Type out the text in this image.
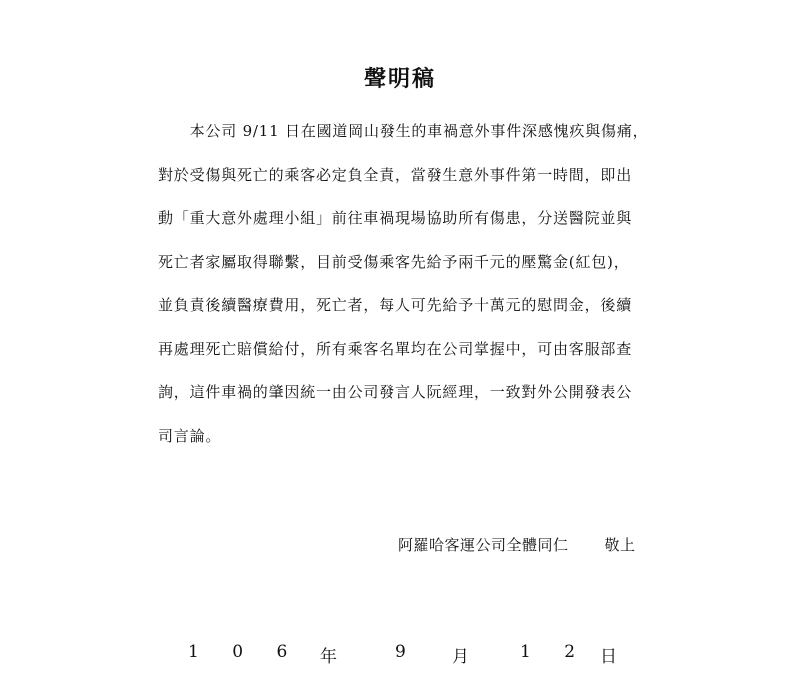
聲明稿
　　本公司 9/11 日在國道岡山發生的車禍意外事件深感愧疚與傷痛，
對於受傷與死亡的乘客必定負全責，當發生意外事件第一時間，即出
動「重大意外處理小組」前往車禍現場協助所有傷患，分送醫院並與
死亡者家屬取得聯繫，目前受傷乘客先給予兩千元的壓驚金(紅包)，
並負責後續醫療費用，死亡者，每人可先給予十萬元的慰問金，後續
再處理死亡賠償給付，所有乘客名單均在公司掌握中，可由客服部查
詢，這件車禍的肇因統一由公司發言人阮經理，一致對外公開發表公
司言論。
阿羅哈客運公司全體同仁 敬上
1 0 6 年	9	月	1 2 日
